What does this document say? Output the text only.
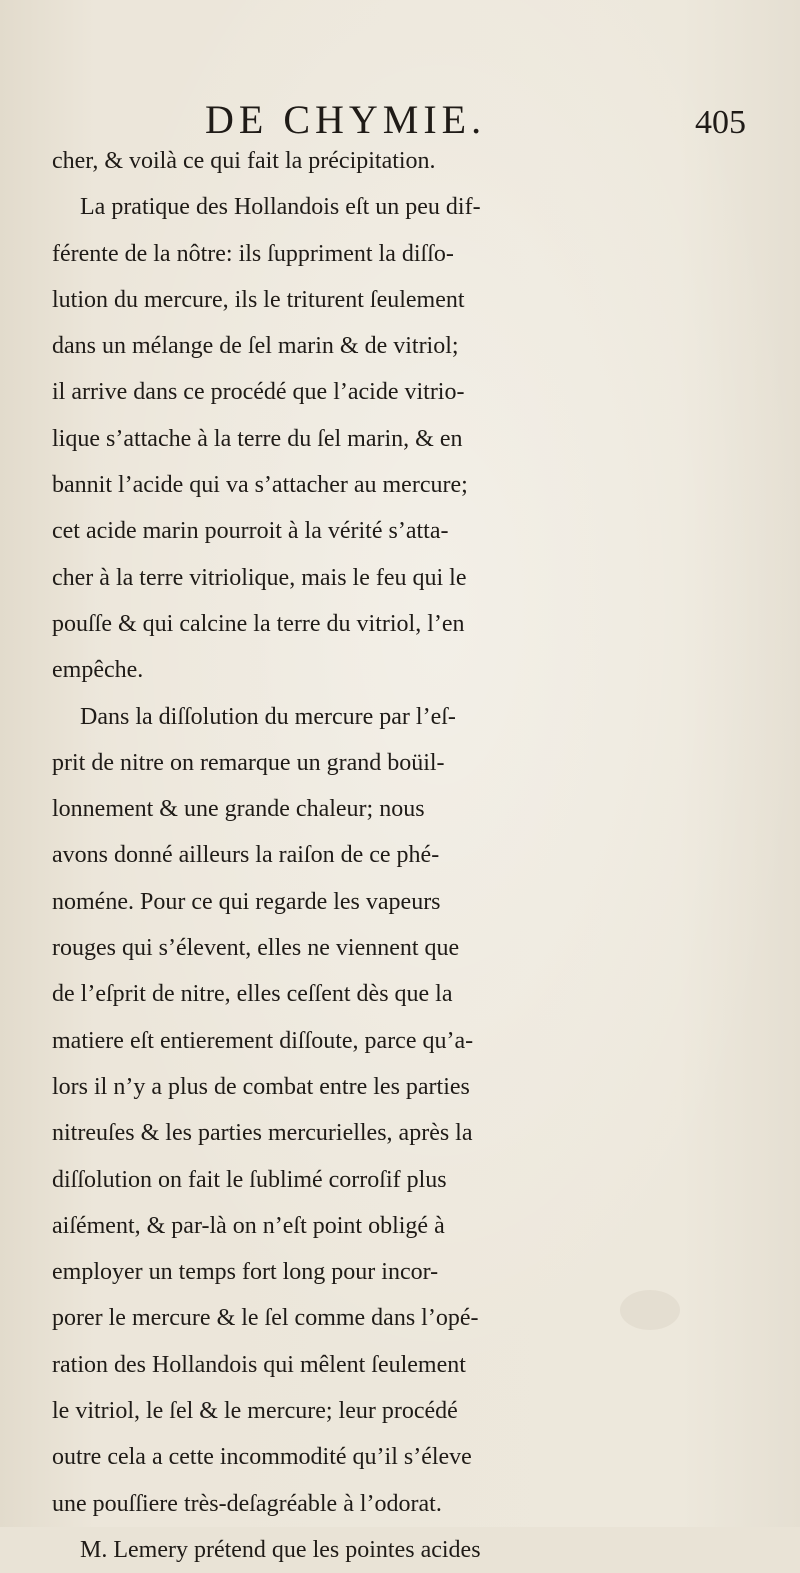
DE CHYMIE.	405
cher, & voilà ce qui fait la précipitation.
La pratique des Hollandois eſt un peu dif-
férente de la nôtre: ils ſuppriment la diſſo-
lution du mercure, ils le triturent ſeulement
dans un mélange de ſel marin & de vitriol;
il arrive dans ce procédé que l’acide vitrio-
lique s’attache à la terre du ſel marin, & en
bannit l’acide qui va s’attacher au mercure;
cet acide marin pourroit à la vérité s’atta-
cher à la terre vitriolique, mais le feu qui le
pouſſe & qui calcine la terre du vitriol, l’en
empêche.
Dans la diſſolution du mercure par l’eſ-
prit de nitre on remarque un grand boüil-
lonnement & une grande chaleur; nous
avons donné ailleurs la raiſon de ce phé-
noméne. Pour ce qui regarde les vapeurs
rouges qui s’élevent, elles ne viennent que
de l’eſprit de nitre, elles ceſſent dès que la
matiere eſt entierement diſſoute, parce qu’a-
lors il n’y a plus de combat entre les parties
nitreuſes & les parties mercurielles, après la
diſſolution on fait le ſublimé corroſif plus
aiſément, & par-là on n’eſt point obligé à
employer un temps fort long pour incor-
porer le mercure & le ſel comme dans l’opé-
ration des Hollandois qui mêlent ſeulement
le vitriol, le ſel & le mercure; leur procédé
outre cela a cette incommodité qu’il s’éleve
une pouſſiere très-deſagréable à l’odorat.
M. Lemery prétend que les pointes acides
